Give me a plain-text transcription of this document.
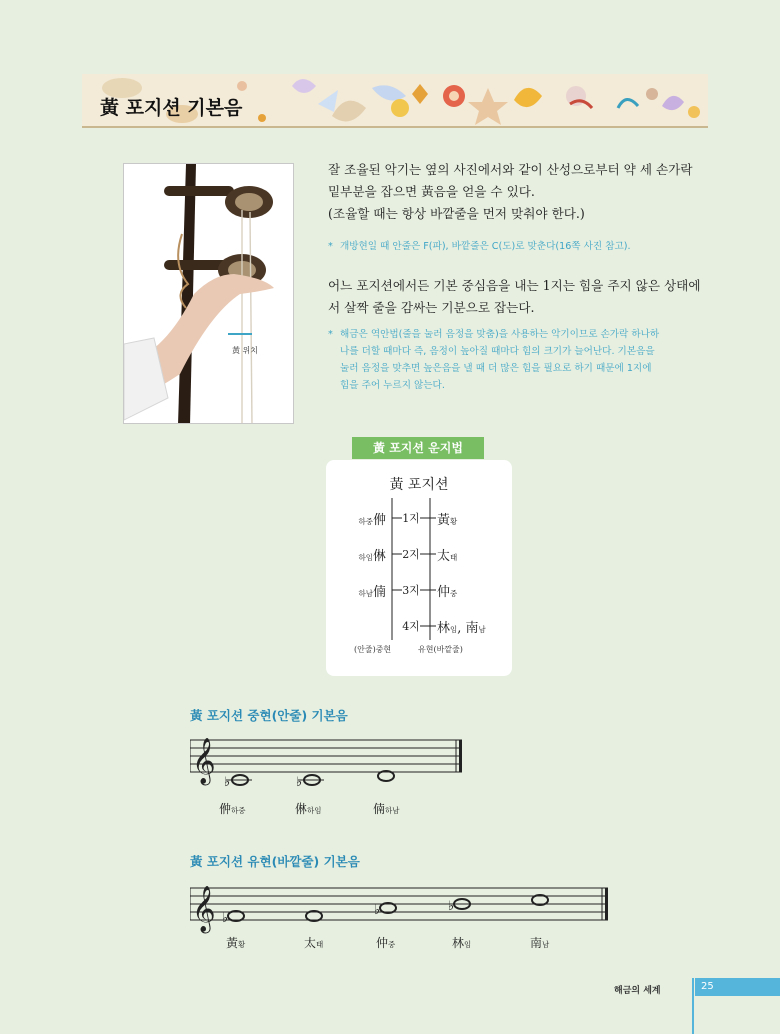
黃 포지션 기본음
黃 위치
잘 조율된 악기는 옆의 사진에서와 같이 산성으로부터 약 세 손가락
밑부분을 잡으면 黃음을 얻을 수 있다.
(조율할 때는 항상 바깥줄을 먼저 맞춰야 한다.)
* 개방현일 때 안줄은 F(파), 바깥줄은 C(도)로 맞춘다(16쪽 사진 참고).
어느 포지션에서든 기본 중심음을 내는 1지는 힘을 주지 않은 상태에
서 살짝 줄을 감싸는 기분으로 잡는다.
* 해금은 역안법(줄을 눌러 음정을 맞춤)을 사용하는 악기이므로 손가락 하나하
나를 더할 때마다 즉, 음정이 높아질 때마다 힘의 크기가 늘어난다. 기본음을
눌러 음정을 맞추면 높은음을 낼 때 더 많은 힘을 필요로 하기 때문에 1지에
힘을 주어 누르지 않는다.
黃 포지션 운지법
黃 포지션
하중㑖	1지	黃황
하임㑣	2지	太태
하남㑲	3지	仲중
4지	林임, 南남
(안줄)중현	유현(바깥줄)
黃 포지션 중현(안줄) 기본음
𝄞 ♭	♭
㑖하중	㑣하임	㑲하남
黃 포지션 유현(바깥줄) 기본음
𝄞 ♭
♭	♭
黃황	太태	仲중	林임	南남
해금의 세계	25
